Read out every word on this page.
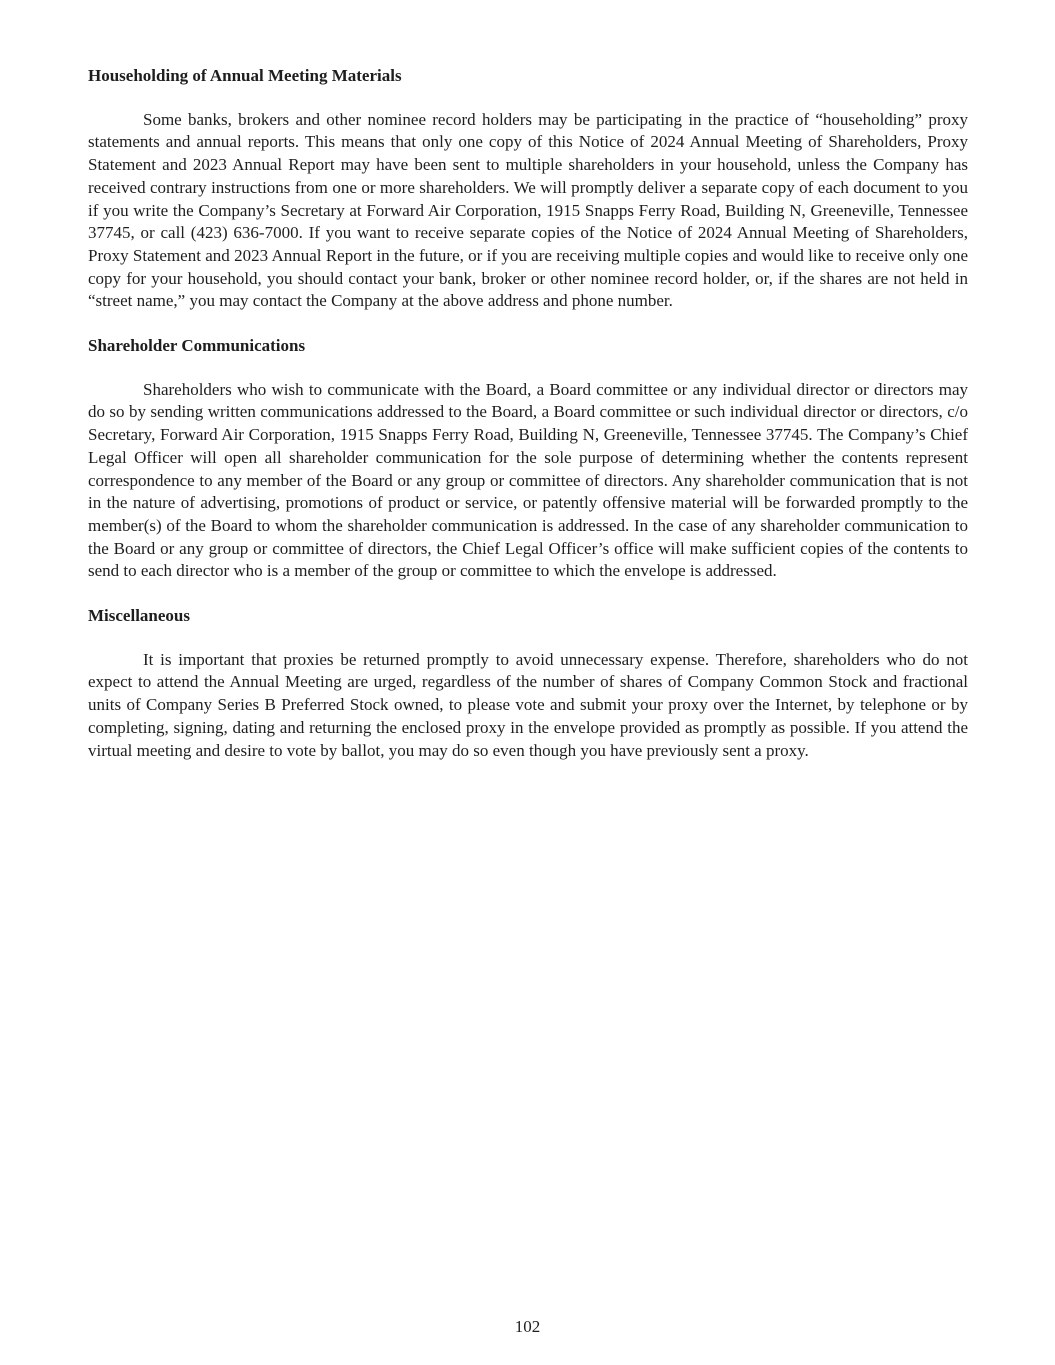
Householding of Annual Meeting Materials

Some banks, brokers and other nominee record holders may be participating in the practice of “householding” proxy statements and annual reports. This means that only one copy of this Notice of 2024 Annual Meeting of Shareholders, Proxy Statement and 2023 Annual Report may have been sent to multiple shareholders in your household, unless the Company has received contrary instructions from one or more shareholders. We will promptly deliver a separate copy of each document to you if you write the Company’s Secretary at Forward Air Corporation, 1915 Snapps Ferry Road, Building N, Greeneville, Tennessee 37745, or call (423) 636-7000. If you want to receive separate copies of the Notice of 2024 Annual Meeting of Shareholders, Proxy Statement and 2023 Annual Report in the future, or if you are receiving multiple copies and would like to receive only one copy for your household, you should contact your bank, broker or other nominee record holder, or, if the shares are not held in “street name,” you may contact the Company at the above address and phone number.

Shareholder Communications

Shareholders who wish to communicate with the Board, a Board committee or any individual director or directors may do so by sending written communications addressed to the Board, a Board committee or such individual director or directors, c/o Secretary, Forward Air Corporation, 1915 Snapps Ferry Road, Building N, Greeneville, Tennessee 37745. The Company’s Chief Legal Officer will open all shareholder communication for the sole purpose of determining whether the contents represent correspondence to any member of the Board or any group or committee of directors. Any shareholder communication that is not in the nature of advertising, promotions of product or service, or patently offensive material will be forwarded promptly to the member(s) of the Board to whom the shareholder communication is addressed. In the case of any shareholder communication to the Board or any group or committee of directors, the Chief Legal Officer’s office will make sufficient copies of the contents to send to each director who is a member of the group or committee to which the envelope is addressed.

Miscellaneous

It is important that proxies be returned promptly to avoid unnecessary expense. Therefore, shareholders who do not expect to attend the Annual Meeting are urged, regardless of the number of shares of Company Common Stock and fractional units of Company Series B Preferred Stock owned, to please vote and submit your proxy over the Internet, by telephone or by completing, signing, dating and returning the enclosed proxy in the envelope provided as promptly as possible. If you attend the virtual meeting and desire to vote by ballot, you may do so even though you have previously sent a proxy.

102
